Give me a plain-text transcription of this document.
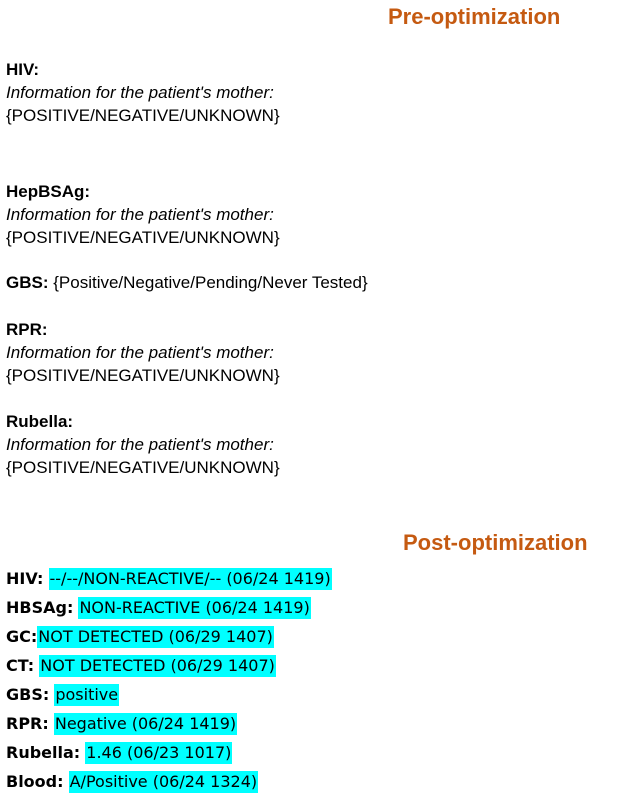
Pre-optimization
HIV:
Information for the patient's mother:
{POSITIVE/NEGATIVE/UNKNOWN}
HepBSAg:
Information for the patient's mother:
{POSITIVE/NEGATIVE/UNKNOWN}
GBS: {Positive/Negative/Pending/Never Tested}
RPR:
Information for the patient's mother:
{POSITIVE/NEGATIVE/UNKNOWN}
Rubella:
Information for the patient's mother:
{POSITIVE/NEGATIVE/UNKNOWN}
Post-optimization
HIV: --/--/NON-REACTIVE/-- (06/24 1419)
HBSAg: NON-REACTIVE (06/24 1419)
GC:NOT DETECTED (06/29 1407)
CT: NOT DETECTED (06/29 1407)
GBS: positive
RPR: Negative (06/24 1419)
Rubella: 1.46 (06/23 1017)
Blood: A/Positive (06/24 1324)
